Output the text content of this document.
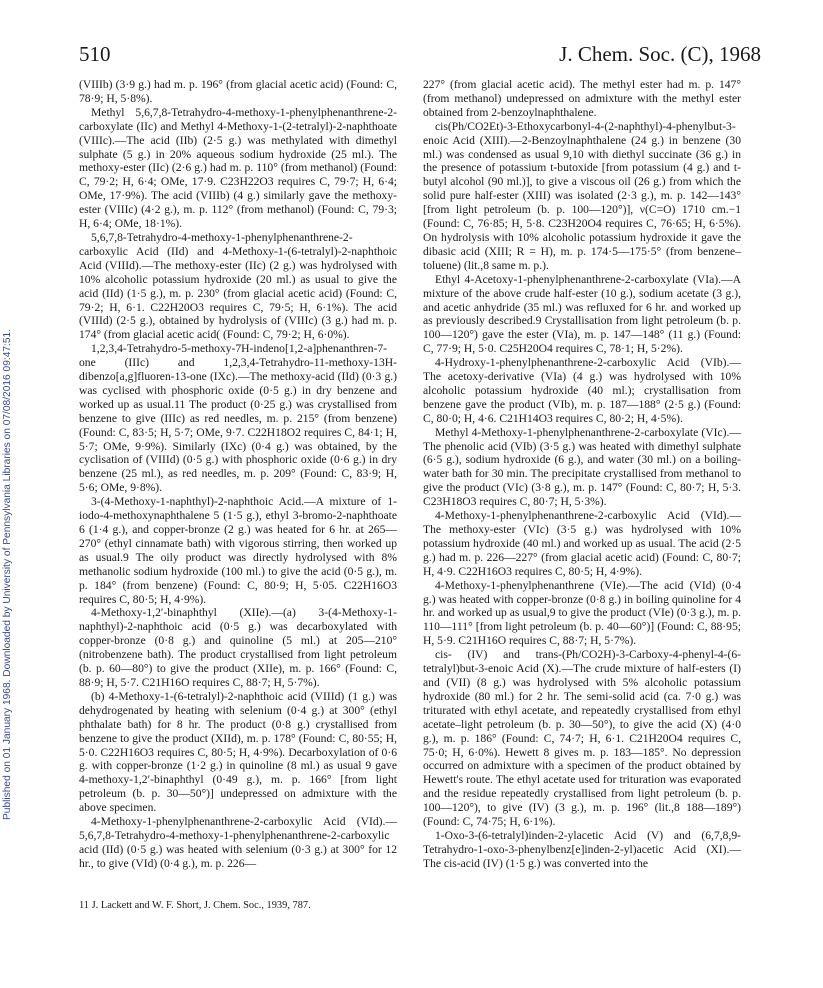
Published on 01 January 1968. Downloaded by University of Pennsylvania Libraries on 07/08/2016 09:47:51.
510	J. Chem. Soc. (C), 1968

(VIIIb) (3·9 g.) had m. p. 196° (from glacial acetic acid) (Found: C, 78·9; H, 5·8%).

Methyl 5,6,7,8-Tetrahydro-4-methoxy-1-phenylphenanthrene-2-carboxylate (IIc) and Methyl 4-Methoxy-1-(2-tetralyl)-2-naphthoate (VIIIc).—The acid (IIb) (2·5 g.) was methylated with dimethyl sulphate (5 g.) in 20% aqueous sodium hydroxide (25 ml.). The methoxy-ester (IIc) (2·6 g.) had m. p. 110° (from methanol) (Found: C, 79·2; H, 6·4; OMe, 17·9. C23H22O3 requires C, 79·7; H, 6·4; OMe, 17·9%). The acid (VIIIb) (4 g.) similarly gave the methoxy-ester (VIIIc) (4·2 g.), m. p. 112° (from methanol) (Found: C, 79·3; H, 6·4; OMe, 18·1%).

5,6,7,8-Tetrahydro-4-methoxy-1-phenylphenanthrene-2-carboxylic Acid (IId) and 4-Methoxy-1-(6-tetralyl)-2-naphthoic Acid (VIIId).—The methoxy-ester (IIc) (2 g.) was hydrolysed with 10% alcoholic potassium hydroxide (20 ml.) as usual to give the acid (IId) (1·5 g.), m. p. 230° (from glacial acetic acid) (Found: C, 79·2; H, 6·1. C22H20O3 requires C, 79·5; H, 6·1%). The acid (VIIId) (2·5 g.), obtained by hydrolysis of (VIIIc) (3 g.) had m. p. 174° (from glacial acetic acid( (Found: C, 79·2; H, 6·0%).

1,2,3,4-Tetrahydro-5-methoxy-7H-indeno[1,2-a]phenanthren-7-one (IIIc) and 1,2,3,4-Tetrahydro-11-methoxy-13H-dibenzo[a,g]fluoren-13-one (IXc).—The methoxy-acid (IId) (0·3 g.) was cyclised with phosphoric oxide (0·5 g.) in dry benzene and worked up as usual.11 The product (0·25 g.) was crystallised from benzene to give (IIIc) as red needles, m. p. 215° (from benzene) (Found: C, 83·5; H, 5·7; OMe, 9·7. C22H18O2 requires C, 84·1; H, 5·7; OMe, 9·9%). Similarly (IXc) (0·4 g.) was obtained, by the cyclisation of (VIIId) (0·5 g.) with phosphoric oxide (0·6 g.) in dry benzene (25 ml.), as red needles, m. p. 209° (Found: C, 83·9; H, 5·6; OMe, 9·8%).

3-(4-Methoxy-1-naphthyl)-2-naphthoic Acid.—A mixture of 1-iodo-4-methoxynaphthalene 5 (1·5 g.), ethyl 3-bromo-2-naphthoate 6 (1·4 g.), and copper-bronze (2 g.) was heated for 6 hr. at 265—270° (ethyl cinnamate bath) with vigorous stirring, then worked up as usual.9 The oily product was directly hydrolysed with 8% methanolic sodium hydroxide (100 ml.) to give the acid (0·5 g.), m. p. 184° (from benzene) (Found: C, 80·9; H, 5·05. C22H16O3 requires C, 80·5; H, 4·9%).

4-Methoxy-1,2′-binaphthyl (XIIe).—(a) 3-(4-Methoxy-1-naphthyl)-2-naphthoic acid (0·5 g.) was decarboxylated with copper-bronze (0·8 g.) and quinoline (5 ml.) at 205—210° (nitrobenzene bath). The product crystallised from light petroleum (b. p. 60—80°) to give the product (XIIe), m. p. 166° (Found: C, 88·9; H, 5·7. C21H16O requires C, 88·7; H, 5·7%).

(b) 4-Methoxy-1-(6-tetralyl)-2-naphthoic acid (VIIId) (1 g.) was dehydrogenated by heating with selenium (0·4 g.) at 300° (ethyl phthalate bath) for 8 hr. The product (0·8 g.) crystallised from benzene to give the product (XIId), m. p. 178° (Found: C, 80·55; H, 5·0. C22H16O3 requires C, 80·5; H, 4·9%). Decarboxylation of 0·6 g. with copper-bronze (1·2 g.) in quinoline (8 ml.) as usual 9 gave 4-methoxy-1,2′-binaphthyl (0·49 g.), m. p. 166° [from light petroleum (b. p. 30—50°)] undepressed on admixture with the above specimen.

4-Methoxy-1-phenylphenanthrene-2-carboxylic Acid (VId).—5,6,7,8-Tetrahydro-4-methoxy-1-phenylphenanthrene-2-carboxylic acid (IId) (0·5 g.) was heated with selenium (0·3 g.) at 300° for 12 hr., to give (VId) (0·4 g.), m. p. 226—

227° (from glacial acetic acid). The methyl ester had m. p. 147° (from methanol) undepressed on admixture with the methyl ester obtained from 2-benzoylnaphthalene.

cis(Ph/CO2Et)-3-Ethoxycarbonyl-4-(2-naphthyl)-4-phenylbut-3-enoic Acid (XIII).—2-Benzoylnaphthalene (24 g.) in benzene (30 ml.) was condensed as usual 9,10 with diethyl succinate (36 g.) in the presence of potassium t-butoxide [from potassium (4 g.) and t-butyl alcohol (90 ml.)], to give a viscous oil (26 g.) from which the solid pure half-ester (XIII) was isolated (2·3 g.), m. p. 142—143° [from light petroleum (b. p. 100—120°)], ν(C=O) 1710 cm.−1 (Found: C, 76·85; H, 5·8. C23H20O4 requires C, 76·65; H, 6·5%). On hydrolysis with 10% alcoholic potassium hydroxide it gave the dibasic acid (XIII; R = H), m. p. 174·5—175·5° (from benzene–toluene) (lit.,8 same m. p.).

Ethyl 4-Acetoxy-1-phenylphenanthrene-2-carboxylate (VIa).—A mixture of the above crude half-ester (10 g.), sodium acetate (3 g.), and acetic anhydride (35 ml.) was refluxed for 6 hr. and worked up as previously described.9 Crystallisation from light petroleum (b. p. 100—120°) gave the ester (VIa), m. p. 147—148° (11 g.) (Found: C, 77·9; H, 5·0. C25H20O4 requires C, 78·1; H, 5·2%).

4-Hydroxy-1-phenylphenanthrene-2-carboxylic Acid (VIb).—The acetoxy-derivative (VIa) (4 g.) was hydrolysed with 10% alcoholic potassium hydroxide (40 ml.); crystallisation from benzene gave the product (VIb), m. p. 187—188° (2·5 g.) (Found: C, 80·0; H, 4·6. C21H14O3 requires C, 80·2; H, 4·5%).

Methyl 4-Methoxy-1-phenylphenanthrene-2-carboxylate (VIc).—The phenolic acid (VIb) (3·5 g.) was heated with dimethyl sulphate (6·5 g.), sodium hydroxide (6 g.), and water (30 ml.) on a boiling-water bath for 30 min. The precipitate crystallised from methanol to give the product (VIc) (3·8 g.), m. p. 147° (Found: C, 80·7; H, 5·3. C23H18O3 requires C, 80·7; H, 5·3%).

4-Methoxy-1-phenylphenanthrene-2-carboxylic Acid (VId).—The methoxy-ester (VIc) (3·5 g.) was hydrolysed with 10% potassium hydroxide (40 ml.) and worked up as usual. The acid (2·5 g.) had m. p. 226—227° (from glacial acetic acid) (Found: C, 80·7; H, 4·9. C22H16O3 requires C, 80·5; H, 4·9%).

4-Methoxy-1-phenylphenanthrene (VIe).—The acid (VId) (0·4 g.) was heated with copper-bronze (0·8 g.) in boiling quinoline for 4 hr. and worked up as usual,9 to give the product (VIe) (0·3 g.), m. p. 110—111° [from light petroleum (b. p. 40—60°)] (Found: C, 88·95; H, 5·9. C21H16O requires C, 88·7; H, 5·7%).

cis- (IV) and trans-(Ph/CO2H)-3-Carboxy-4-phenyl-4-(6-tetralyl)but-3-enoic Acid (X).—The crude mixture of half-esters (I) and (VII) (8 g.) was hydrolysed with 5% alcoholic potassium hydroxide (80 ml.) for 2 hr. The semi-solid acid (ca. 7·0 g.) was triturated with ethyl acetate, and repeatedly crystallised from ethyl acetate–light petroleum (b. p. 30—50°), to give the acid (X) (4·0 g.), m. p. 186° (Found: C, 74·7; H, 6·1. C21H20O4 requires C, 75·0; H, 6·0%). Hewett 8 gives m. p. 183—185°. No depression occurred on admixture with a specimen of the product obtained by Hewett's route. The ethyl acetate used for trituration was evaporated and the residue repeatedly crystallised from light petroleum (b. p. 100—120°), to give (IV) (3 g.), m. p. 196° (lit.,8 188—189°) (Found: C, 74·75; H, 6·1%).

1-Oxo-3-(6-tetralyl)inden-2-ylacetic Acid (V) and (6,7,8,9-Tetrahydro-1-oxo-3-phenylbenz[e]inden-2-yl)acetic Acid (XI).—The cis-acid (IV) (1·5 g.) was converted into the

11 J. Lackett and W. F. Short, J. Chem. Soc., 1939, 787.
